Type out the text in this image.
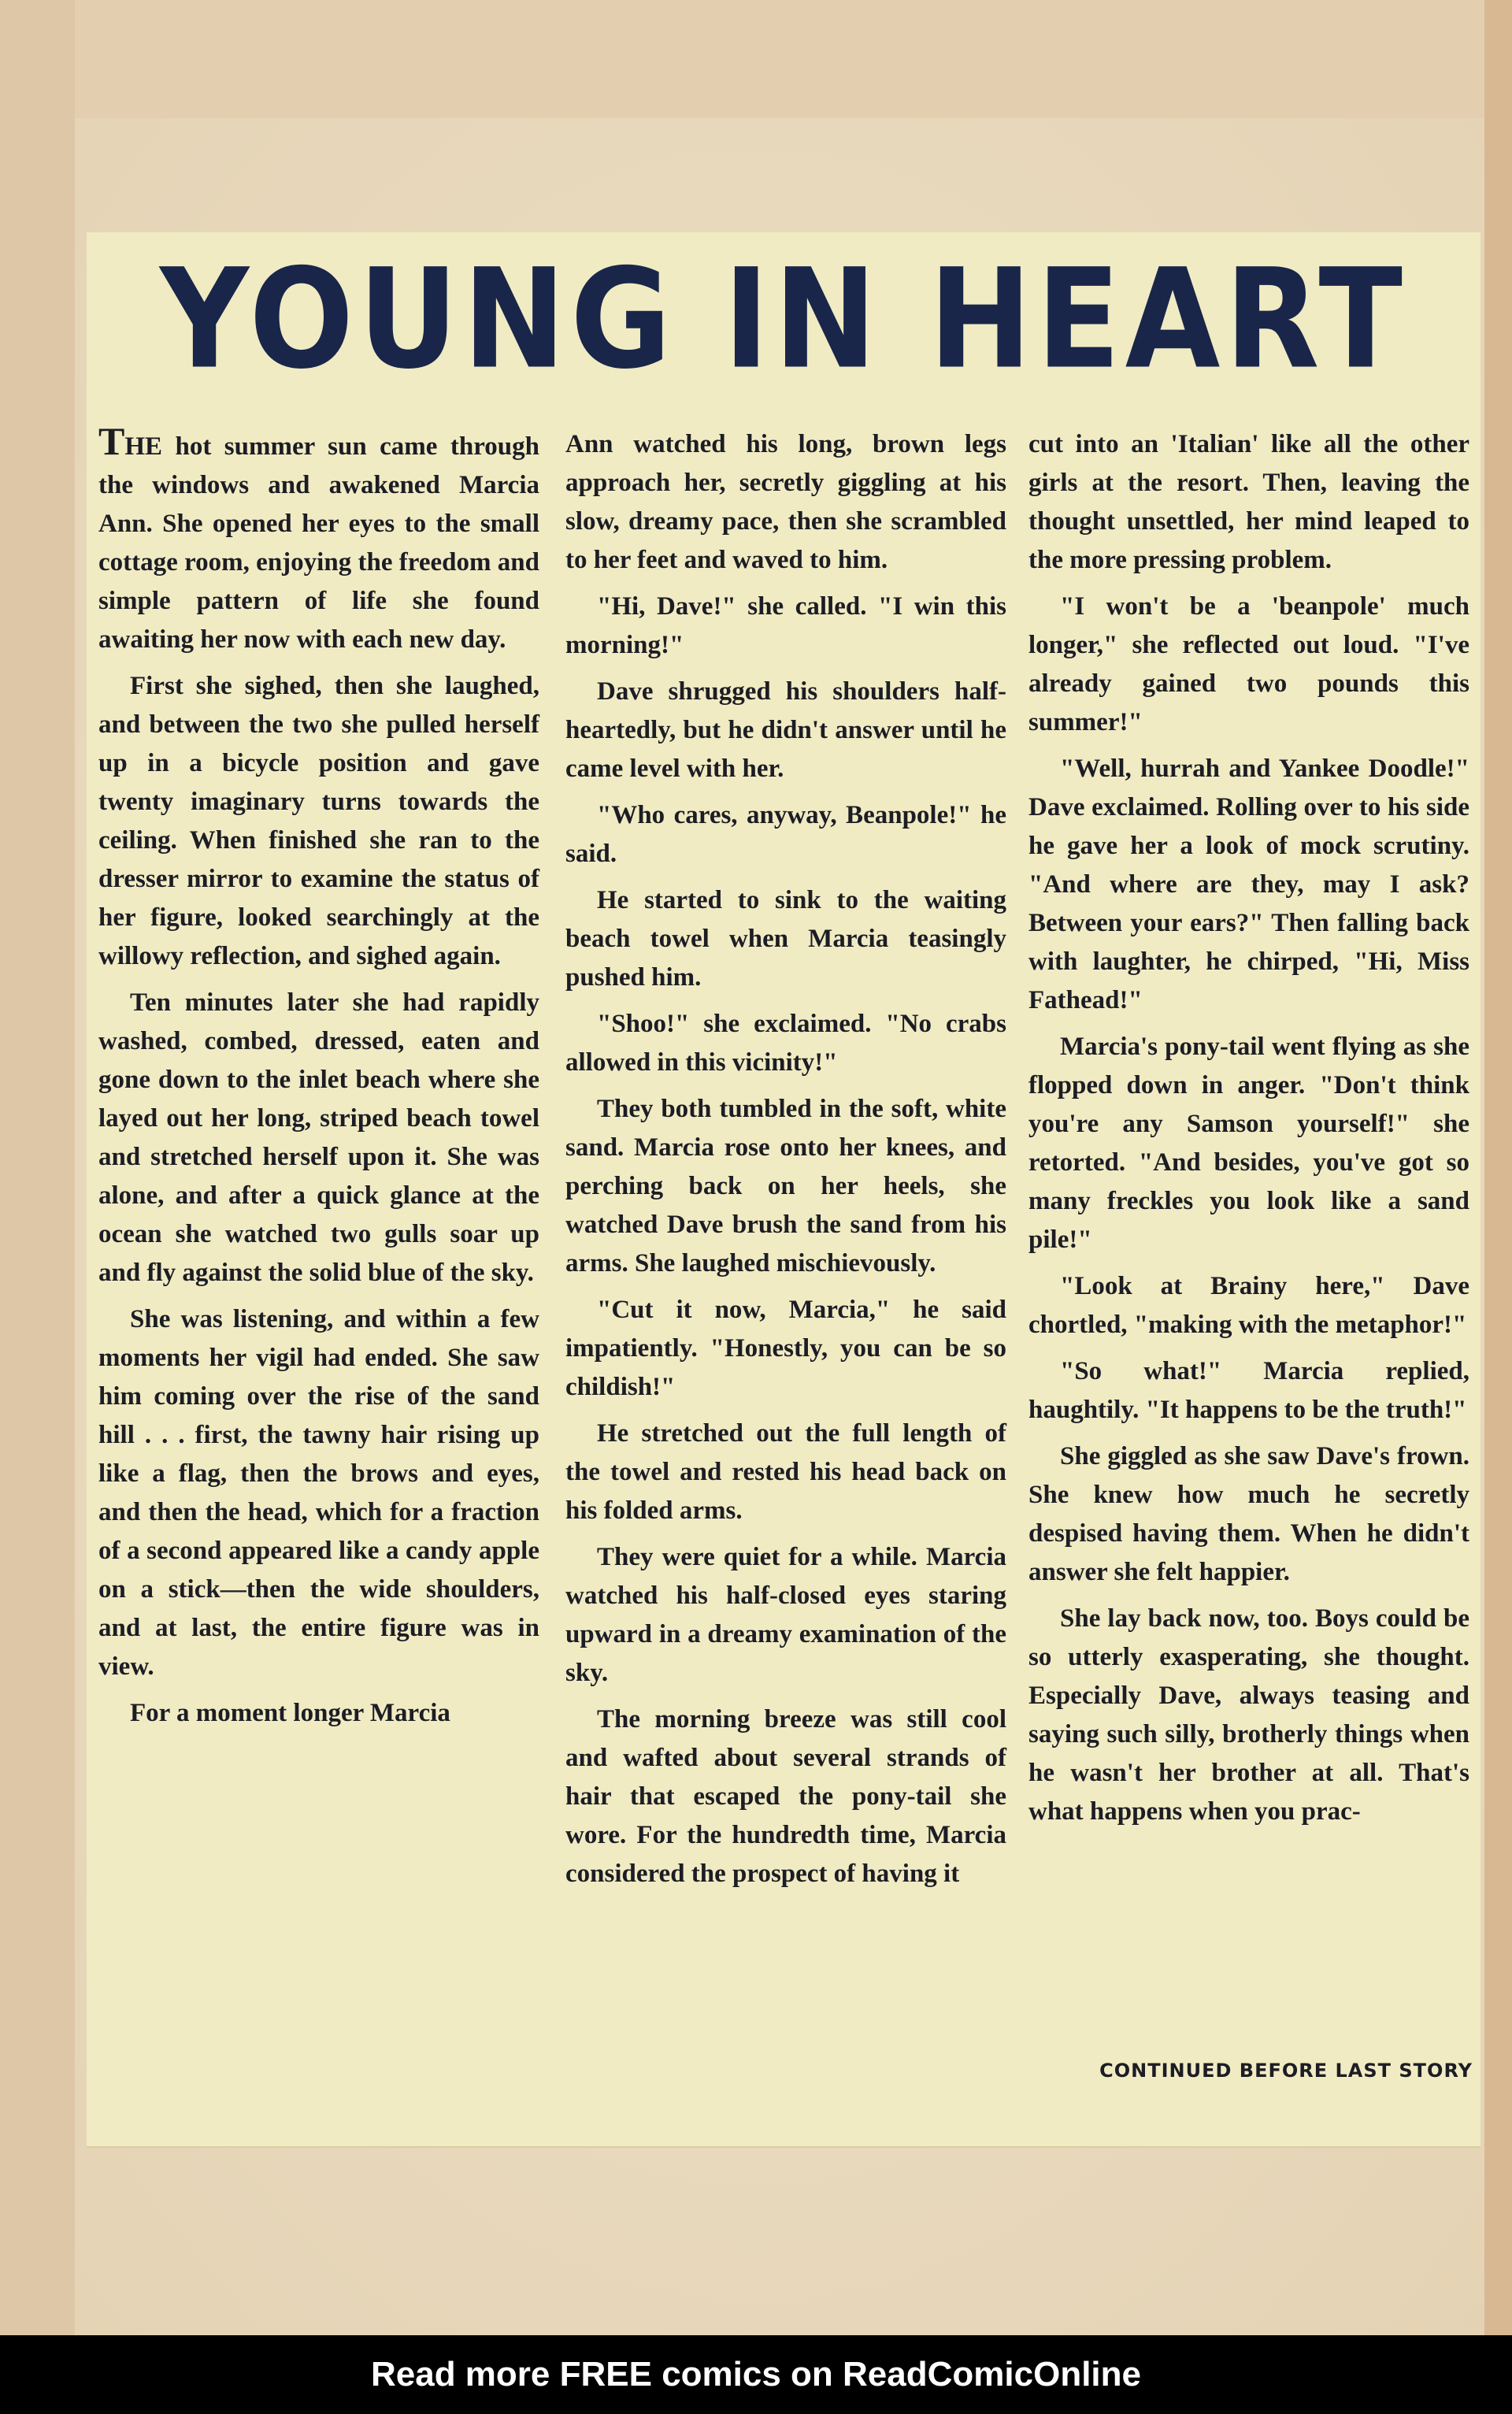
YOUNG IN HEART

THE hot summer sun came through the windows and awakened Marcia Ann. She opened her eyes to the small cottage room, enjoying the freedom and simple pattern of life she found awaiting her now with each new day.

First she sighed, then she laughed, and between the two she pulled herself up in a bicycle position and gave twenty imaginary turns towards the ceiling. When finished she ran to the dresser mirror to examine the status of her figure, looked searchingly at the willowy reflection, and sighed again.

Ten minutes later she had rapidly washed, combed, dressed, eaten and gone down to the inlet beach where she layed out her long, striped beach towel and stretched herself upon it. She was alone, and after a quick glance at the ocean she watched two gulls soar up and fly against the solid blue of the sky.

She was listening, and within a few moments her vigil had ended. She saw him coming over the rise of the sand hill . . . first, the tawny hair rising up like a flag, then the brows and eyes, and then the head, which for a fraction of a second appeared like a candy apple on a stick—then the wide shoulders, and at last, the entire figure was in view.

For a moment longer Marcia

Ann watched his long, brown legs approach her, secretly giggling at his slow, dreamy pace, then she scrambled to her feet and waved to him.

"Hi, Dave!" she called. "I win this morning!"

Dave shrugged his shoulders half-heartedly, but he didn't answer until he came level with her.

"Who cares, anyway, Beanpole!" he said.

He started to sink to the waiting beach towel when Marcia teasingly pushed him.

"Shoo!" she exclaimed. "No crabs allowed in this vicinity!"

They both tumbled in the soft, white sand. Marcia rose onto her knees, and perching back on her heels, she watched Dave brush the sand from his arms. She laughed mischievously.

"Cut it now, Marcia," he said impatiently. "Honestly, you can be so childish!"

He stretched out the full length of the towel and rested his head back on his folded arms.

They were quiet for a while. Marcia watched his half-closed eyes staring upward in a dreamy examination of the sky.

The morning breeze was still cool and wafted about several strands of hair that escaped the pony-tail she wore. For the hundredth time, Marcia considered the prospect of having it

cut into an 'Italian' like all the other girls at the resort. Then, leaving the thought unsettled, her mind leaped to the more pressing problem.

"I won't be a 'beanpole' much longer," she reflected out loud. "I've already gained two pounds this summer!"

"Well, hurrah and Yankee Doodle!" Dave exclaimed. Rolling over to his side he gave her a look of mock scrutiny. "And where are they, may I ask? Between your ears?" Then falling back with laughter, he chirped, "Hi, Miss Fathead!"

Marcia's pony-tail went flying as she flopped down in anger. "Don't think you're any Samson yourself!" she retorted. "And besides, you've got so many freckles you look like a sand pile!"

"Look at Brainy here," Dave chortled, "making with the metaphor!"

"So what!" Marcia replied, haughtily. "It happens to be the truth!"

She giggled as she saw Dave's frown. She knew how much he secretly despised having them. When he didn't answer she felt happier.

She lay back now, too. Boys could be so utterly exasperating, she thought. Especially Dave, always teasing and saying such silly, brotherly things when he wasn't her brother at all. That's what happens when you prac-

CONTINUED BEFORE LAST STORY
Read more FREE comics on ReadComicOnline
